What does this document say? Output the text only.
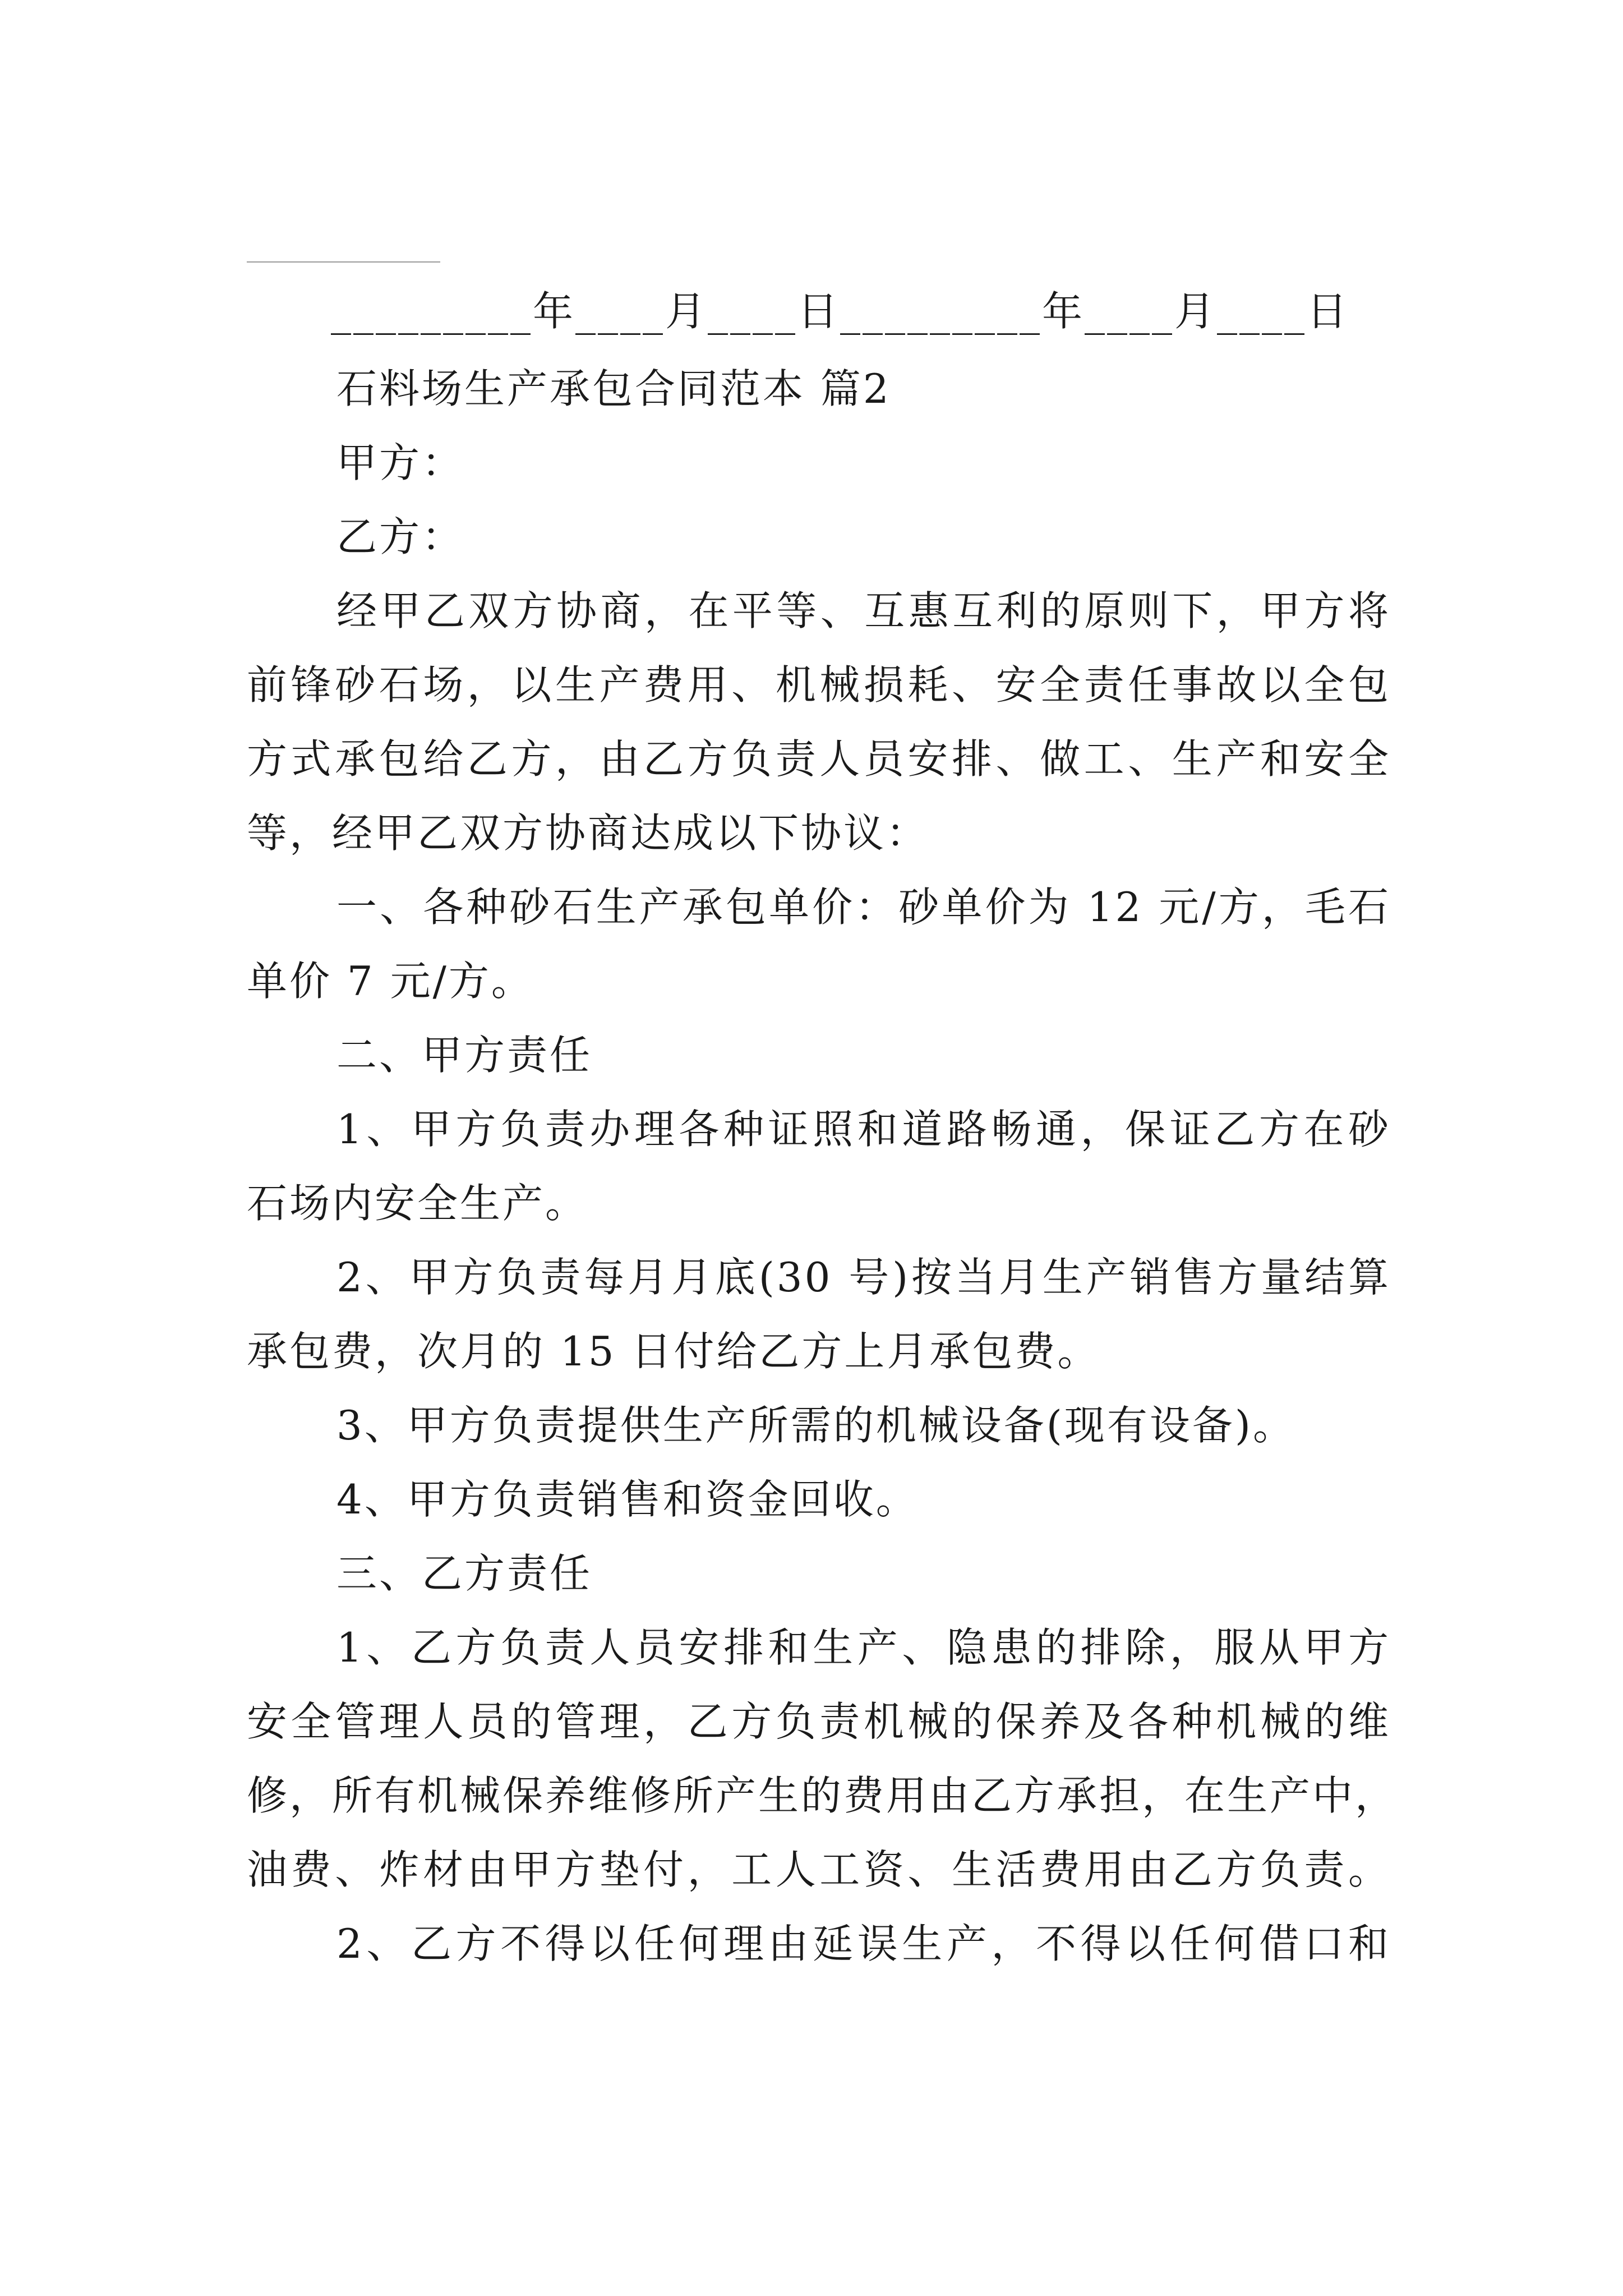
_________年____月____日_________年____月____日
石料场生产承包合同范本 篇2
甲方：
乙方：
经甲乙双方协商，在平等、互惠互利的原则下，甲方将
前锋砂石场，以生产费用、机械损耗、安全责任事故以全包
方式承包给乙方，由乙方负责人员安排、做工、生产和安全
等，经甲乙双方协商达成以下协议：
一、各种砂石生产承包单价：砂单价为 12 元/方，毛石
单价 7 元/方。
二、甲方责任
1、甲方负责办理各种证照和道路畅通，保证乙方在砂
石场内安全生产。
2、甲方负责每月月底(30 号)按当月生产销售方量结算
承包费，次月的 15 日付给乙方上月承包费。
3、甲方负责提供生产所需的机械设备(现有设备)。
4、甲方负责销售和资金回收。
三、乙方责任
1、乙方负责人员安排和生产、隐患的排除，服从甲方
安全管理人员的管理，乙方负责机械的保养及各种机械的维
修，所有机械保养维修所产生的费用由乙方承担，在生产中，
油费、炸材由甲方垫付，工人工资、生活费用由乙方负责。
2、乙方不得以任何理由延误生产，不得以任何借口和
